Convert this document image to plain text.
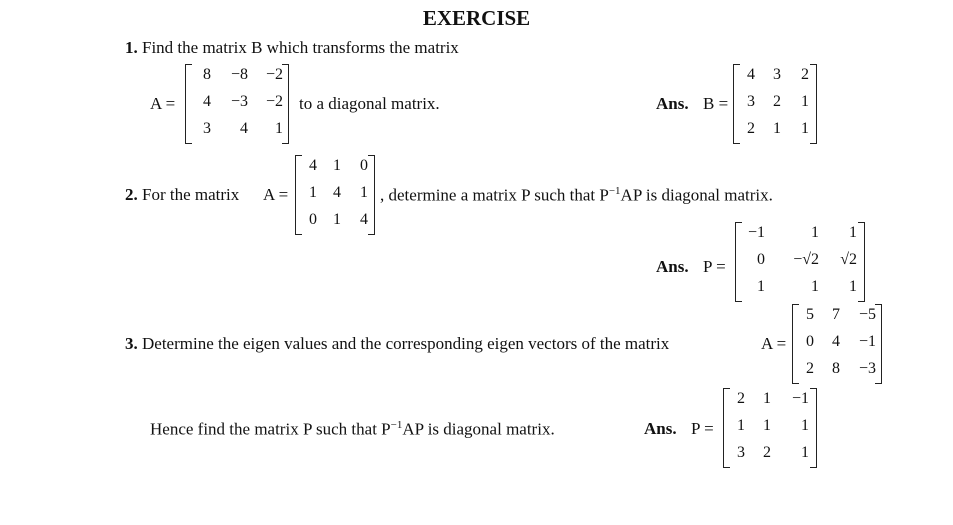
EXERCISE
1. Find the matrix B which transforms the matrix
A =
8 −8 −2
4 −3 −2
3 4 1
to a diagonal matrix.	Ans. B =
4 3 2
3 2 1
2 1 1
2. For the matrix A =
4 1 0
1 4 1
0 1 4
, determine a matrix P such that $P^{-1}AP$ is diagonal matrix.
Ans. P =
−1	1 1
0 −√2 √2
1	1 1
3. Determine the eigen values and the corresponding eigen vectors of the matrix	A =
5 7 −5
0 4 −1
2 8 −3
Hence find the matrix P such that $P^{-1}AP$ is diagonal matrix.	Ans. P =
2 1 −1
1 1 1
3 2 1
